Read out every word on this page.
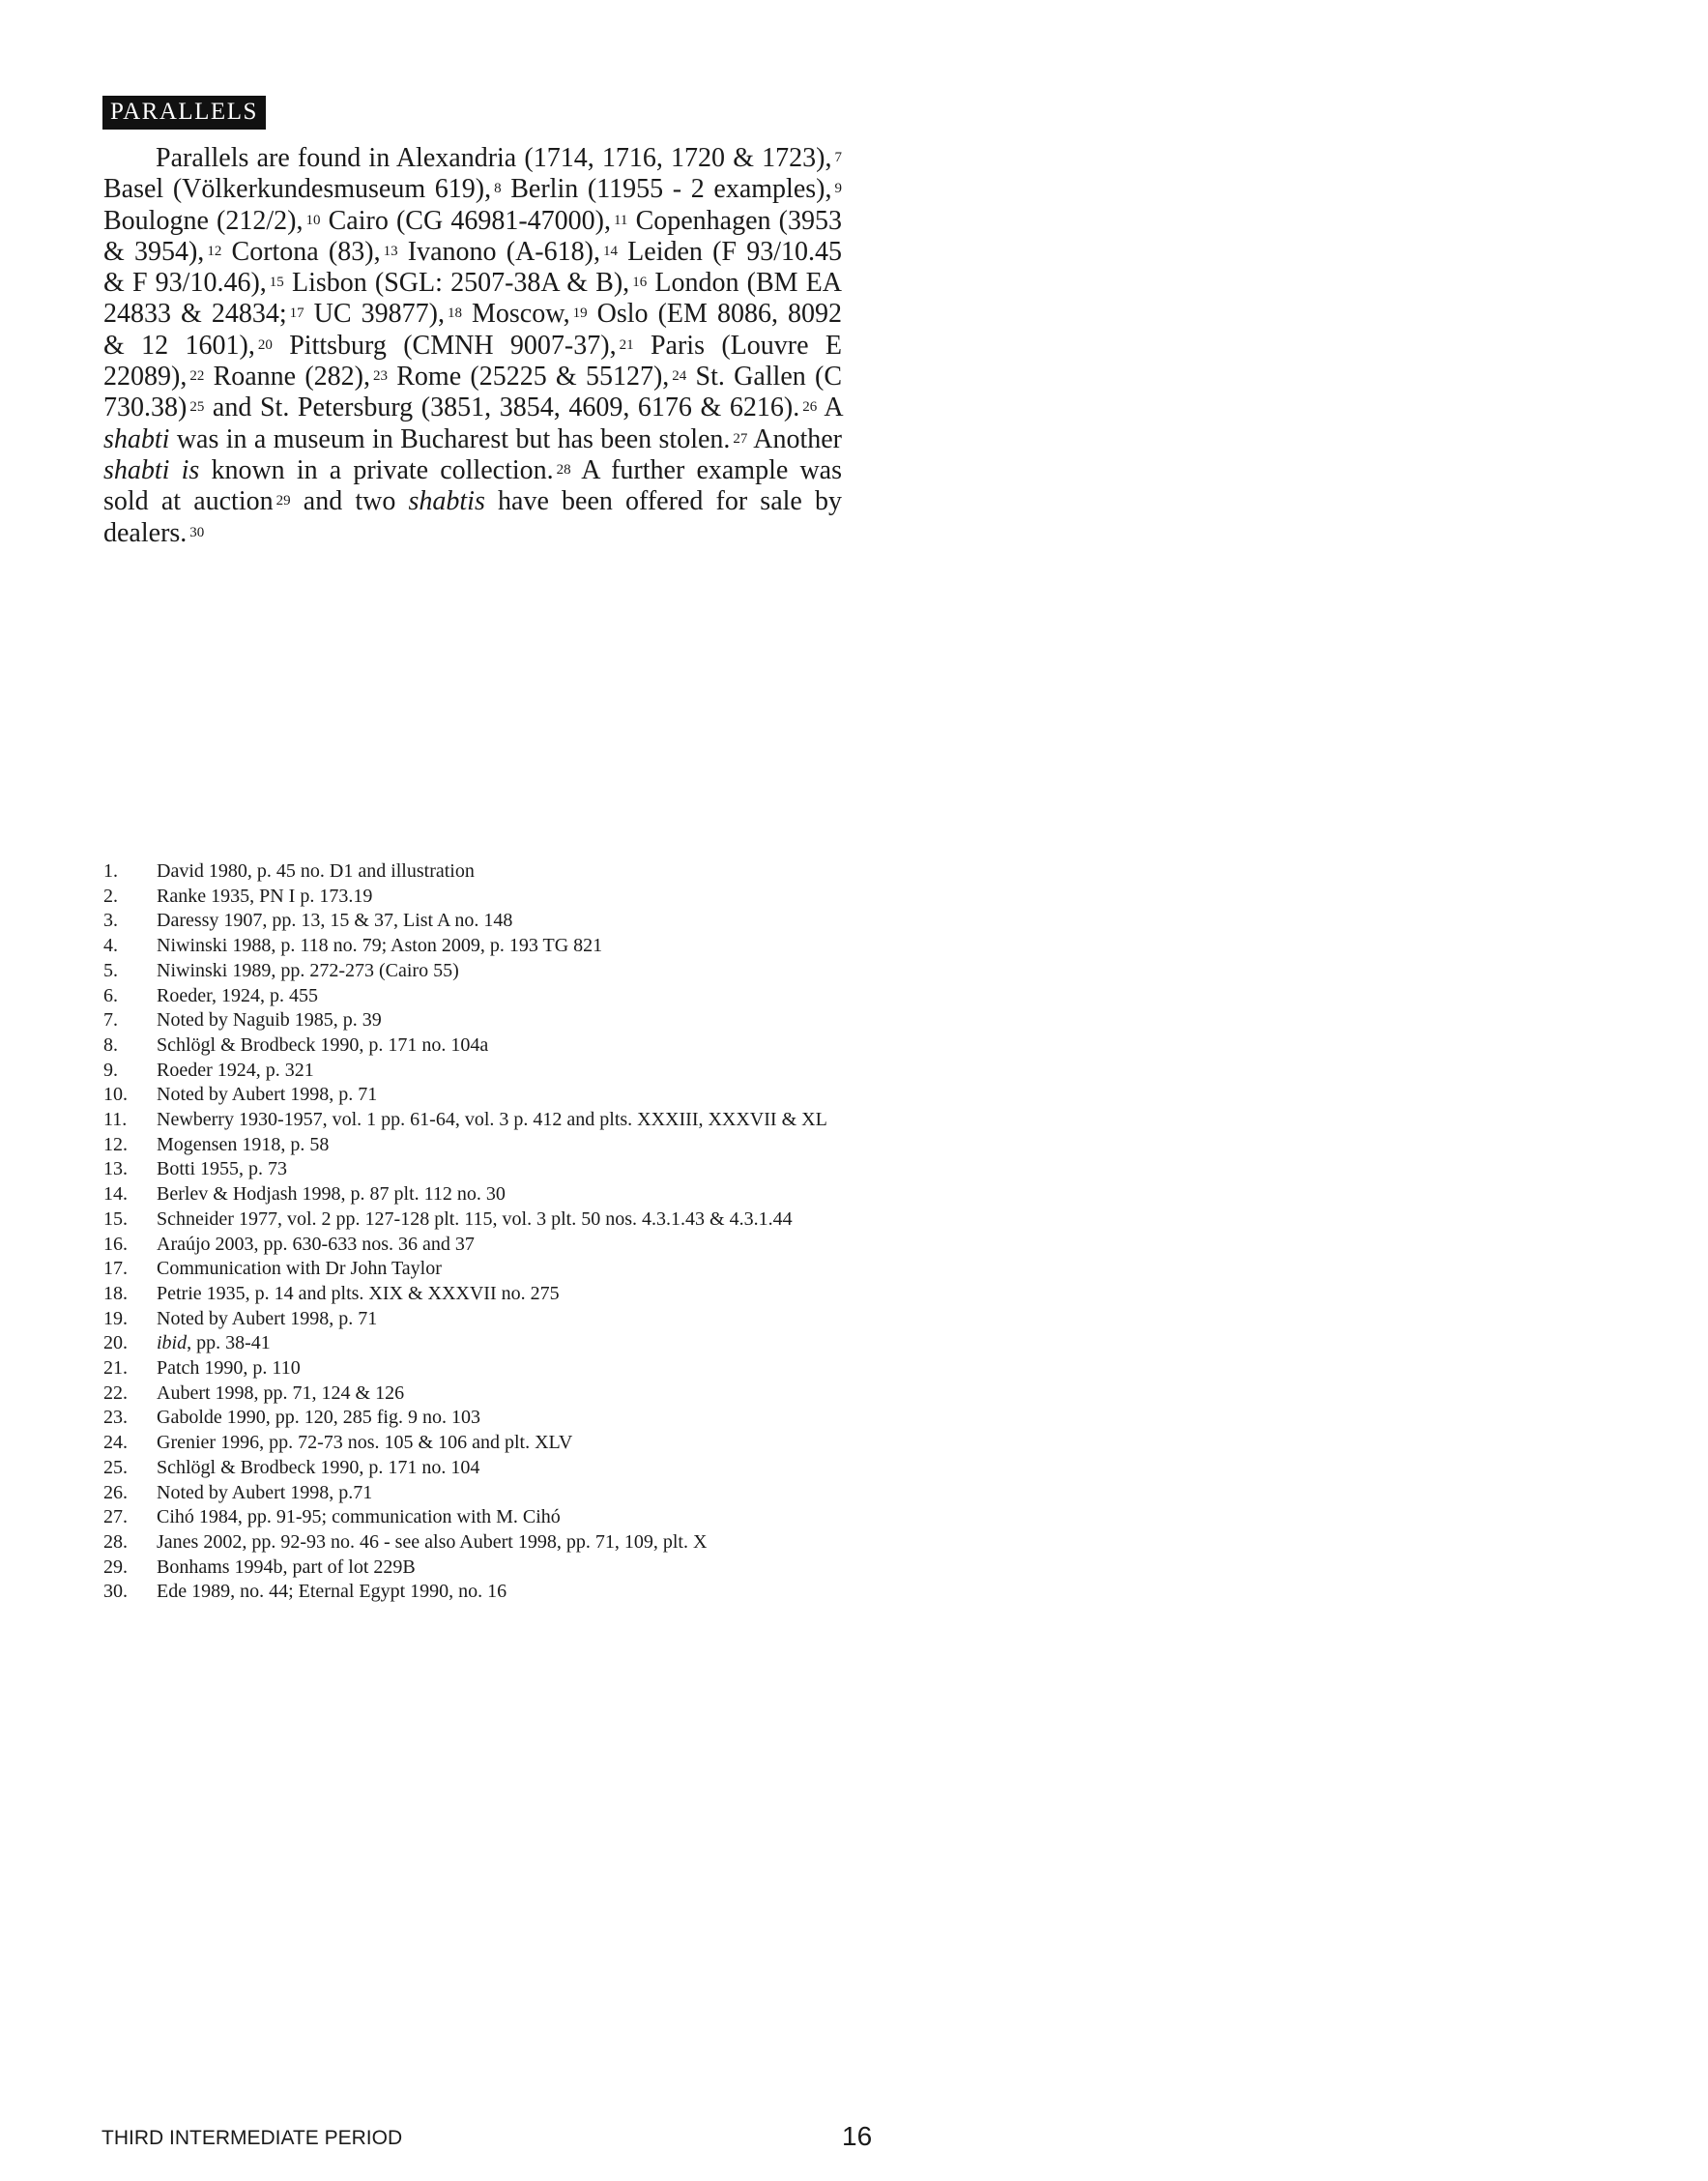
PARALLELS

Parallels are found in Alexandria (1714, 1716, 1720 & 1723), $^7$ Basel (Völkerkundesmuseum 619), $^8$ Berlin (11955 - 2 examples), $^9$ Boulogne (212/2), $^{10}$ Cairo (CG 46981-47000), $^{11}$ Copenhagen (3953 & 3954), $^{12}$ Cortona (83), $^{13}$ Ivanono (A-618), $^{14}$ Leiden (F 93/10.45 & F 93/10.46), $^{15}$ Lisbon (SGL: 2507-38A & B), $^{16}$ London (BM EA 24833 & 24834; $^{17}$ UC 39877), $^{18}$ Moscow, $^{19}$ Oslo (EM 8086, 8092 & 12 1601), $^{20}$ Pittsburg (CMNH 9007-37), $^{21}$ Paris (Louvre E 22089), $^{22}$ Roanne (282), $^{23}$ Rome (25225 & 55127), $^{24}$ St. Gallen (C 730.38) $^{25}$ and St. Petersburg (3851, 3854, 4609, 6176 & 6216). $^{26}$ A shabti was in a museum in Bucharest but has been stolen. $^{27}$ Another shabti is known in a private collection. $^{28}$ A further example was sold at auction $^{29}$ and two shabtis have been offered for sale by dealers. $^{30}$

1.	David 1980, p. 45 no. D1 and illustration
2.	Ranke 1935, PN I p. 173.19
3.	Daressy 1907, pp. 13, 15 & 37, List A no. 148
4.	Niwinski 1988, p. 118 no. 79; Aston 2009, p. 193 TG 821
5.	Niwinski 1989, pp. 272-273 (Cairo 55)
6.	Roeder, 1924, p. 455
7.	Noted by Naguib 1985, p. 39
8.	Schlögl & Brodbeck 1990, p. 171 no. 104a
9.	Roeder 1924, p. 321
10.	Noted by Aubert 1998, p. 71
11.	Newberry 1930-1957, vol. 1 pp. 61-64, vol. 3 p. 412 and plts. XXXIII, XXXVII & XL
12.	Mogensen 1918, p. 58
13.	Botti 1955, p. 73
14.	Berlev & Hodjash 1998, p. 87 plt. 112 no. 30
15.	Schneider 1977, vol. 2 pp. 127-128 plt. 115, vol. 3 plt. 50 nos. 4.3.1.43 & 4.3.1.44
16.	Araújo 2003, pp. 630-633 nos. 36 and 37
17.	Communication with Dr John Taylor
18.	Petrie 1935, p. 14 and plts. XIX & XXXVII no. 275
19.	Noted by Aubert 1998, p. 71
20.	ibid, pp. 38-41
21.	Patch 1990, p. 110
22.	Aubert 1998, pp. 71, 124 & 126
23.	Gabolde 1990, pp. 120, 285 fig. 9 no. 103
24.	Grenier 1996, pp. 72-73 nos. 105 & 106 and plt. XLV
25.	Schlögl & Brodbeck 1990, p. 171 no. 104
26.	Noted by Aubert 1998, p.71
27.	Cihó 1984, pp. 91-95; communication with M. Cihó
28.	Janes 2002, pp. 92-93 no. 46 - see also Aubert 1998, pp. 71, 109, plt. X
29.	Bonhams 1994b, part of lot 229B
30.	Ede 1989, no. 44; Eternal Egypt 1990, no. 16
THIRD INTERMEDIATE PERIOD	16
